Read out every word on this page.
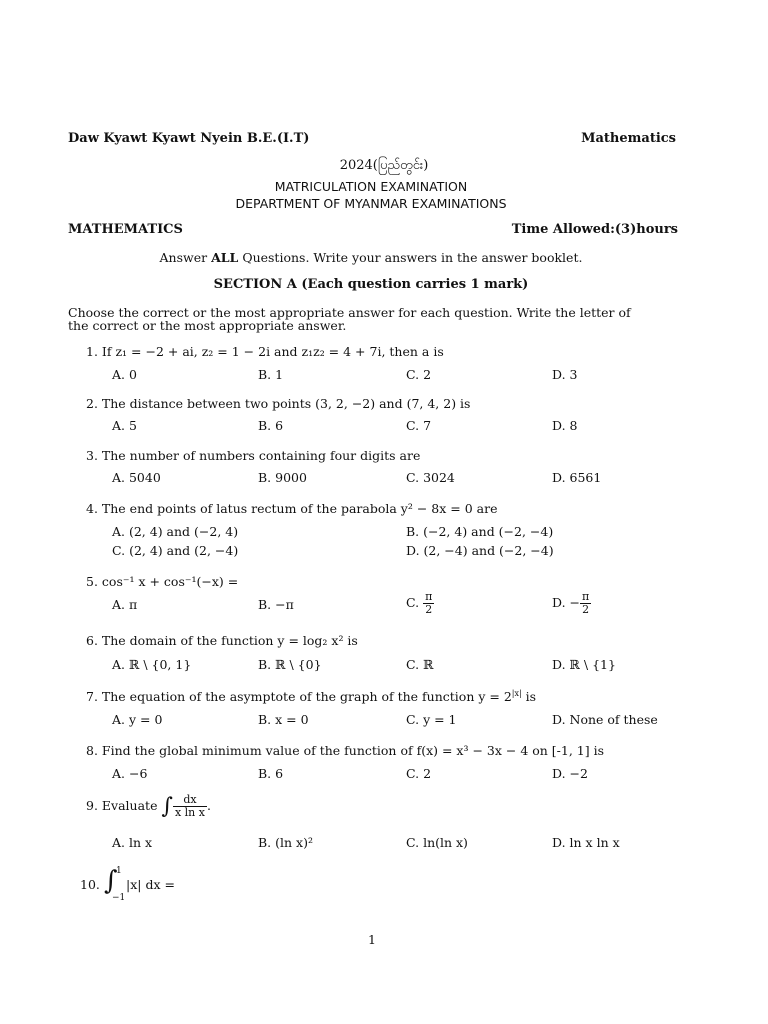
Daw Kyawt Kyawt Nyein B.E.(I.T)	Mathematics
2024(ပြည်တွင်း)
MATRICULATION EXAMINATION
DEPARTMENT OF MYANMAR EXAMINATIONS
MATHEMATICS	Time Allowed:(3)hours
Answer ALL Questions. Write your answers in the answer booklet.
SECTION A (Each question carries 1 mark)
Choose the correct or the most appropriate answer for each question. Write the letter of
the correct or the most appropriate answer.
1. If z₁ = −2 + ai, z₂ = 1 − 2i and z₁z₂ = 4 + 7i, then a is
A. 0	B. 1	C. 2	D. 3
2. The distance between two points (3, 2, −2) and (7, 4, 2) is
A. 5	B. 6	C. 7	D. 8
3. The number of numbers containing four digits are
A. 5040	B. 9000	C. 3024	D. 6561
4. The end points of latus rectum of the parabola y² − 8x = 0 are
A. (2, 4) and (−2, 4)	B. (−2, 4) and (−2, −4)
C. (2, 4) and (2, −4)	D. (2, −4) and (−2, −4)
5. cos⁻¹ x + cos⁻¹(−x) =
A. π	B. −π	C. $\frac{\pi}{2}$	D. − $\frac{\pi}{2}$
6. The domain of the function y = log₂ x² is
A. ℝ \ {0, 1}	B. ℝ \ {0}	C. ℝ	D. ℝ \ {1}
7. The equation of the asymptote of the graph of the function $y = 2^{|x|}$ is
A. y = 0	B. x = 0	C. y = 1	D. None of these
8. Find the global minimum value of the function of f(x) = x³ − 3x − 4 on [-1, 1] is
A. −6	B. 6	C. 2	D. −2
9. Evaluate ∫ $\frac{dx}{\text{x ln x}}$ .
A. ln x	B. (ln x)²	C. ln(ln x)	D. ln x ln x
10. ∫
1
−1
|x| dx =
1
